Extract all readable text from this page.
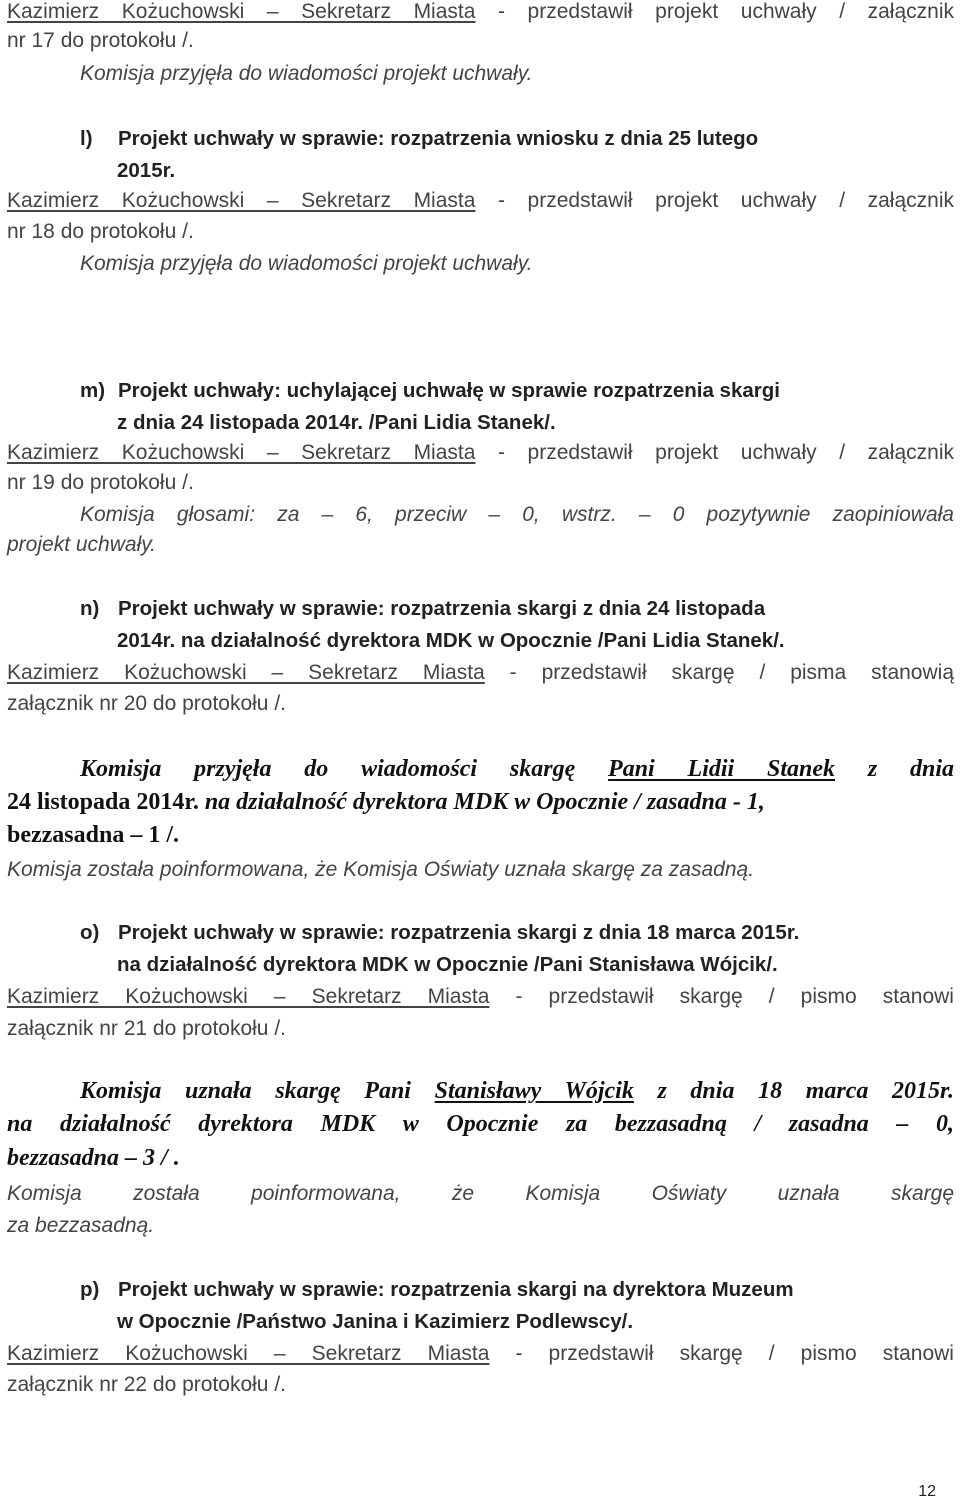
Kazimierz Kożuchowski – Sekretarz Miasta - przedstawił projekt uchwały / załącznik
nr 17 do protokołu /.
Komisja przyjęła do wiadomości projekt uchwały.
l) Projekt uchwały w sprawie: rozpatrzenia wniosku z dnia 25 lutego
2015r.
Kazimierz Kożuchowski – Sekretarz Miasta - przedstawił projekt uchwały / załącznik
nr 18 do protokołu /.
Komisja przyjęła do wiadomości projekt uchwały.
m) Projekt uchwały: uchylającej uchwałę w sprawie rozpatrzenia skargi
z dnia 24 listopada 2014r. /Pani Lidia Stanek/.
Kazimierz Kożuchowski – Sekretarz Miasta - przedstawił projekt uchwały / załącznik
nr 19 do protokołu /.
Komisja głosami: za – 6, przeciw – 0, wstrz. – 0 pozytywnie zaopiniowała
projekt uchwały.
n) Projekt uchwały w sprawie: rozpatrzenia skargi z dnia 24 listopada
2014r. na działalność dyrektora MDK w Opocznie /Pani Lidia Stanek/.
Kazimierz Kożuchowski – Sekretarz Miasta - przedstawił skargę / pisma stanowią
załącznik nr 20 do protokołu /.
Komisja przyjęła do wiadomości skargę Pani Lidii Stanek z dnia
24 listopada 2014r. na działalność dyrektora MDK w Opocznie / zasadna - 1,
bezzasadna – 1 /.
Komisja została poinformowana, że Komisja Oświaty uznała skargę za zasadną.
o) Projekt uchwały w sprawie: rozpatrzenia skargi z dnia 18 marca 2015r.
na działalność dyrektora MDK w Opocznie /Pani Stanisława Wójcik/.
Kazimierz Kożuchowski – Sekretarz Miasta - przedstawił skargę / pismo stanowi
załącznik nr 21 do protokołu /.
Komisja uznała skargę Pani Stanisławy Wójcik z dnia 18 marca 2015r.
na działalność dyrektora MDK w Opocznie za bezzasadną / zasadna – 0,
bezzasadna – 3 / .
Komisja została poinformowana, że Komisja Oświaty uznała skargę
za bezzasadną.
p) Projekt uchwały w sprawie: rozpatrzenia skargi na dyrektora Muzeum
w Opocznie /Państwo Janina i Kazimierz Podlewscy/.
Kazimierz Kożuchowski – Sekretarz Miasta - przedstawił skargę / pismo stanowi
załącznik nr 22 do protokołu /.
12
